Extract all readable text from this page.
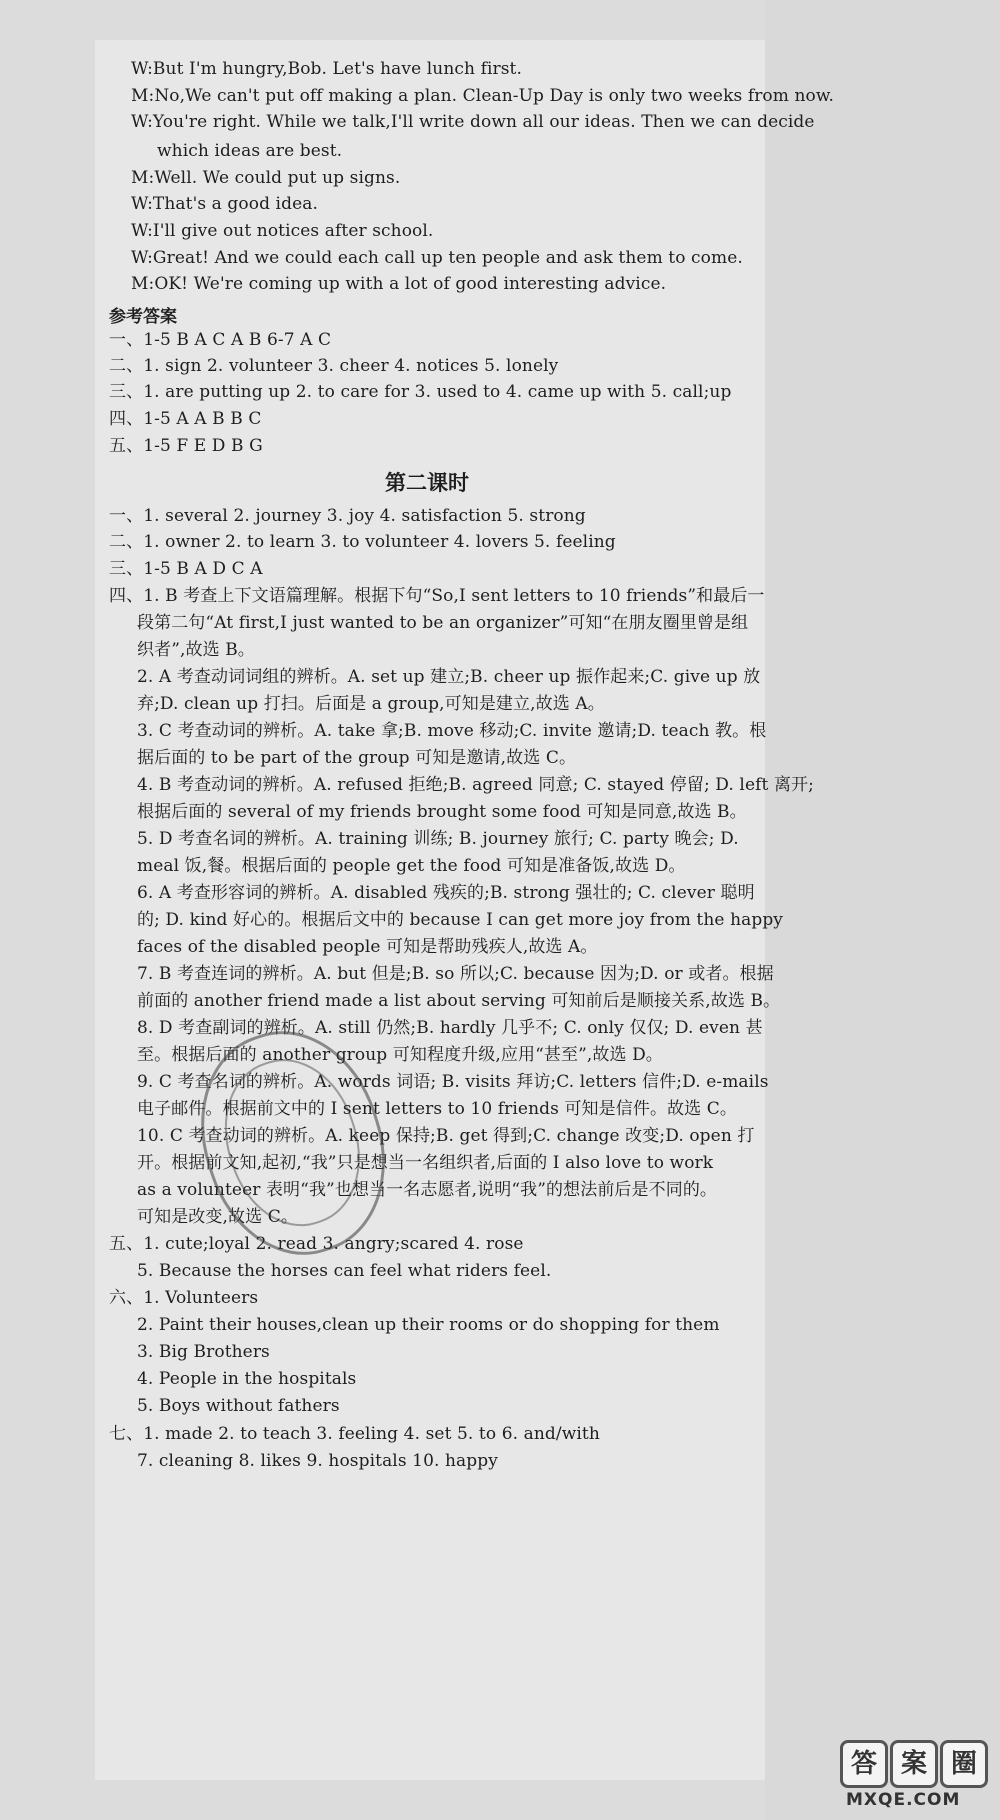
W:But I'm hungry,Bob. Let's have lunch first.
M:No,We can't put off making a plan. Clean-Up Day is only two weeks from now.
W:You're right. While we talk,I'll write down all our ideas. Then we can decide
which ideas are best.
M:Well. We could put up signs.
W:That's a good idea.
W:I'll give out notices after school.
W:Great! And we could each call up ten people and ask them to come.
M:OK! We're coming up with a lot of good interesting advice.
参考答案
一、1-5 B A C A B 6-7 A C
二、1. sign 2. volunteer 3. cheer 4. notices 5. lonely
三、1. are putting up 2. to care for 3. used to 4. came up with 5. call;up
四、1-5 A A B B C
五、1-5 F E D B G
第二课时
一、1. several 2. journey 3. joy 4. satisfaction 5. strong
二、1. owner 2. to learn 3. to volunteer 4. lovers 5. feeling
三、1-5 B A D C A
四、1. B 考查上下文语篇理解。根据下句“So,I sent letters to 10 friends”和最后一
段第二句“At first,I just wanted to be an organizer”可知“在朋友圈里曾是组
织者”,故选 B。
2. A 考查动词词组的辨析。A. set up 建立;B. cheer up 振作起来;C. give up 放
弃;D. clean up 打扫。后面是 a group,可知是建立,故选 A。
3. C 考查动词的辨析。A. take 拿;B. move 移动;C. invite 邀请;D. teach 教。根
据后面的 to be part of the group 可知是邀请,故选 C。
4. B 考查动词的辨析。A. refused 拒绝;B. agreed 同意; C. stayed 停留; D. left 离开;
根据后面的 several of my friends brought some food 可知是同意,故选 B。
5. D 考查名词的辨析。A. training 训练; B. journey 旅行; C. party 晚会; D.
meal 饭,餐。根据后面的 people get the food 可知是准备饭,故选 D。
6. A 考查形容词的辨析。A. disabled 残疾的;B. strong 强壮的; C. clever 聪明
的; D. kind 好心的。根据后文中的 because I can get more joy from the happy
faces of the disabled people 可知是帮助残疾人,故选 A。
7. B 考查连词的辨析。A. but 但是;B. so 所以;C. because 因为;D. or 或者。根据
前面的 another friend made a list about serving 可知前后是顺接关系,故选 B。
8. D 考查副词的辨析。A. still 仍然;B. hardly 几乎不; C. only 仅仅; D. even 甚
至。根据后面的 another group 可知程度升级,应用“甚至”,故选 D。
9. C 考查名词的辨析。A. words 词语; B. visits 拜访;C. letters 信件;D. e-mails
电子邮件。根据前文中的 I sent letters to 10 friends 可知是信件。故选 C。
10. C 考查动词的辨析。A. keep 保持;B. get 得到;C. change 改变;D. open 打
开。根据前文知,起初,“我”只是想当一名组织者,后面的 I also love to work
as a volunteer 表明“我”也想当一名志愿者,说明“我”的想法前后是不同的。
可知是改变,故选 C。
五、1. cute;loyal 2. read 3. angry;scared 4. rose
5. Because the horses can feel what riders feel.
六、1. Volunteers
2. Paint their houses,clean up their rooms or do shopping for them
3. Big Brothers
4. People in the hospitals
5. Boys without fathers
七、1. made 2. to teach 3. feeling 4. set 5. to 6. and/with
7. cleaning 8. likes 9. hospitals 10. happy
答 案 圈
MXQE.COM
